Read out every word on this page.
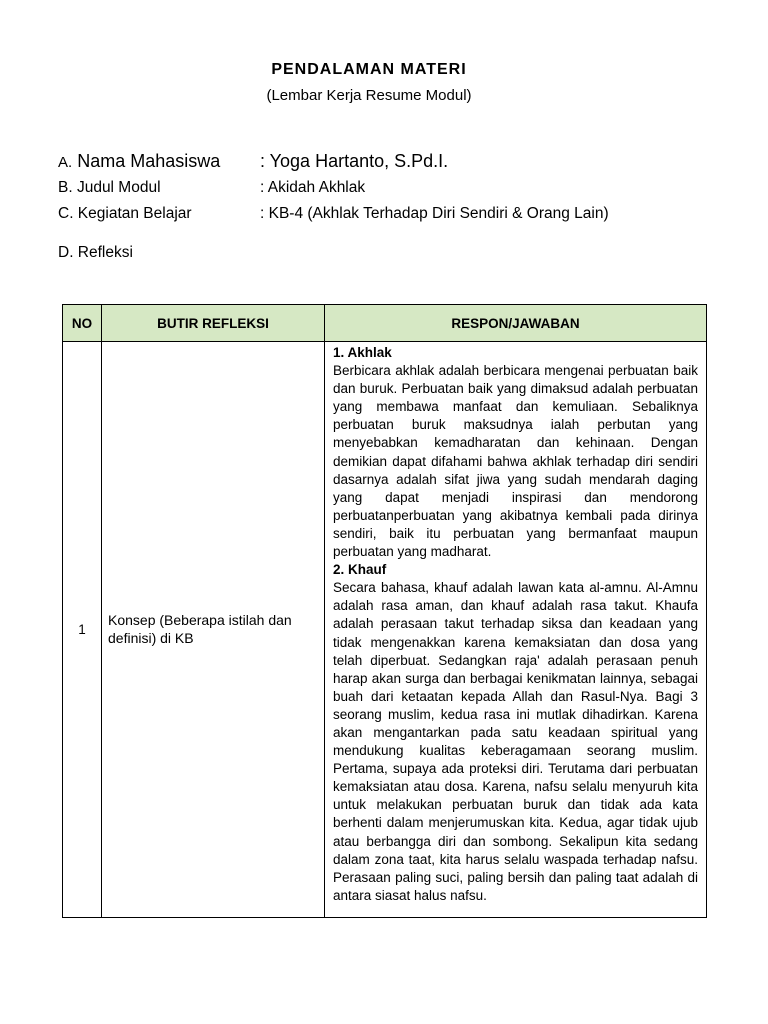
PENDALAMAN MATERI
(Lembar Kerja Resume Modul)
A. Nama Mahasiswa : Yoga Hartanto, S.Pd.I.
B. Judul Modul	: Akidah Akhlak
C. Kegiatan Belajar	: KB-4 (Akhlak Terhadap Diri Sendiri & Orang Lain)
D. Refleksi
NO	BUTIR REFLEKSI	RESPON/JAWABAN
1	Konsep (Beberapa istilah dan definisi) di KB	1. Akhlak
Berbicara akhlak adalah berbicara mengenai perbuatan baik dan buruk. Perbuatan baik yang dimaksud adalah perbuatan yang membawa manfaat dan kemuliaan. Sebaliknya perbuatan buruk maksudnya ialah perbutan yang menyebabkan kemadharatan dan kehinaan. Dengan demikian dapat difahami bahwa akhlak terhadap diri sendiri dasarnya adalah sifat jiwa yang sudah mendarah daging yang dapat menjadi inspirasi dan mendorong perbuatanperbuatan yang akibatnya kembali pada dirinya sendiri, baik itu perbuatan yang bermanfaat maupun perbuatan yang madharat.
2. Khauf
Secara bahasa, khauf adalah lawan kata al-amnu. Al-Amnu adalah rasa aman, dan khauf adalah rasa takut. Khaufa adalah perasaan takut terhadap siksa dan keadaan yang tidak mengenakkan karena kemaksiatan dan dosa yang telah diperbuat. Sedangkan raja' adalah perasaan penuh harap akan surga dan berbagai kenikmatan lainnya, sebagai buah dari ketaatan kepada Allah dan Rasul-Nya. Bagi 3 seorang muslim, kedua rasa ini mutlak dihadirkan. Karena akan mengantarkan pada satu keadaan spiritual yang mendukung kualitas keberagamaan seorang muslim. Pertama, supaya ada proteksi diri. Terutama dari perbuatan kemaksiatan atau dosa. Karena, nafsu selalu menyuruh kita untuk melakukan perbuatan buruk dan tidak ada kata berhenti dalam menjerumuskan kita. Kedua, agar tidak ujub atau berbangga diri dan sombong. Sekalipun kita sedang dalam zona taat, kita harus selalu waspada terhadap nafsu. Perasaan paling suci, paling bersih dan paling taat adalah di antara siasat halus nafsu.
